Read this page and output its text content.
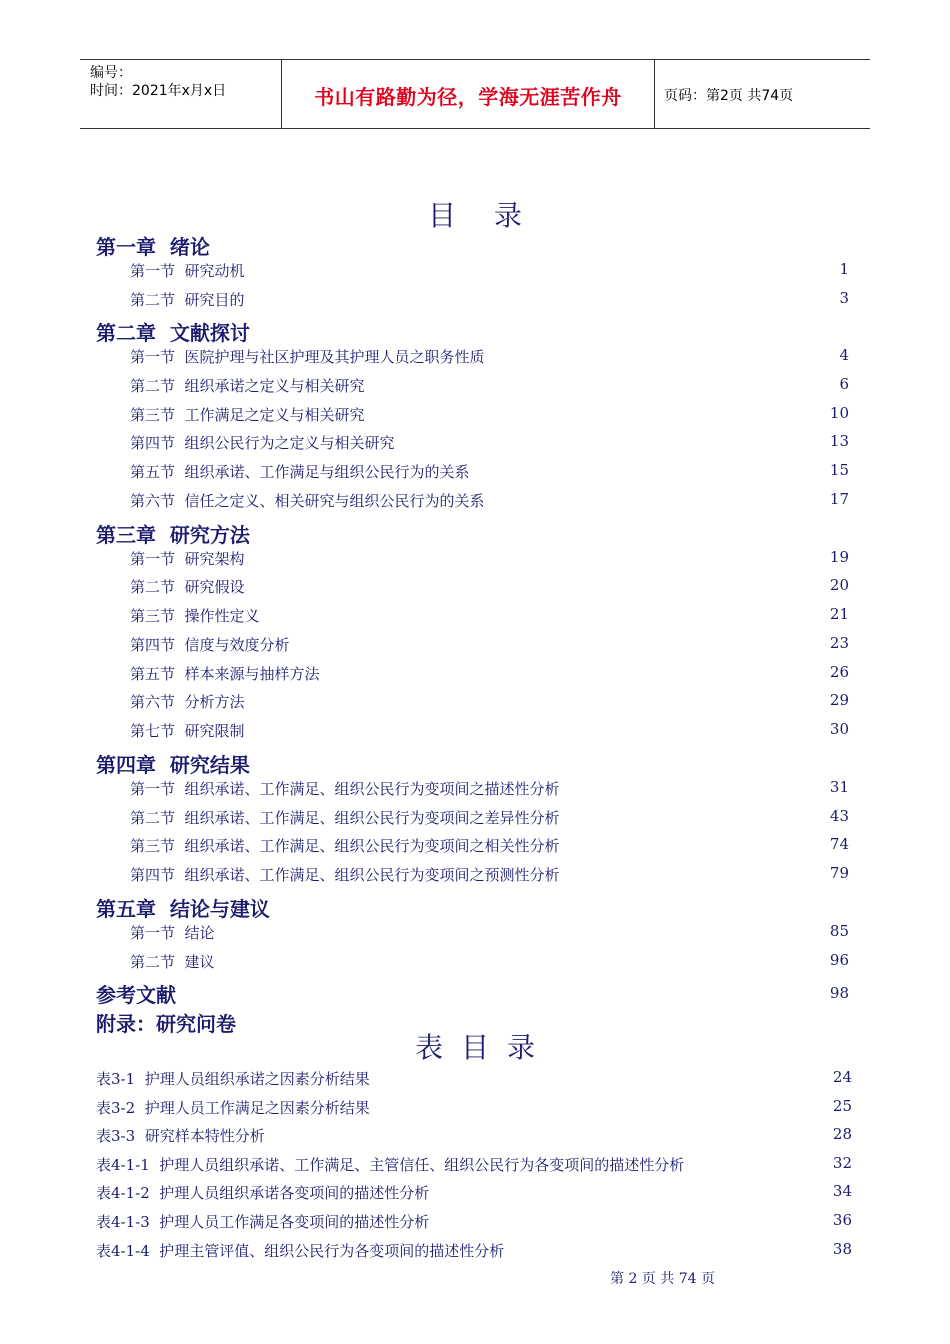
编号：
时间：2021年x月x日	书山有路勤为径，学海无涯苦作舟	页码：第2页 共74页
目录
第一章  绪论
第一节  研究动机	1
第二节  研究目的	3
第二章  文献探讨
第一节  医院护理与社区护理及其护理人员之职务性质	4
第二节  组织承诺之定义与相关研究	6
第三节  工作满足之定义与相关研究	10
第四节  组织公民行为之定义与相关研究	13
第五节  组织承诺、工作满足与组织公民行为的关系	15
第六节  信任之定义、相关研究与组织公民行为的关系	17
第三章  研究方法
第一节  研究架构	19
第二节  研究假设	20
第三节  操作性定义	21
第四节  信度与效度分析	23
第五节  样本来源与抽样方法	26
第六节  分析方法	29
第七节  研究限制	30
第四章  研究结果
第一节  组织承诺、工作满足、组织公民行为变项间之描述性分析	31
第二节  组织承诺、工作满足、组织公民行为变项间之差异性分析	43
第三节  组织承诺、工作满足、组织公民行为变项间之相关性分析	74
第四节  组织承诺、工作满足、组织公民行为变项间之预测性分析	79
第五章  结论与建议
第一节  结论	85
第二节  建议	96
参考文献	98
附录：研究问卷
表目录
表3-1  护理人员组织承诺之因素分析结果	24
表3-2  护理人员工作满足之因素分析结果	25
表3-3  研究样本特性分析	28
表4-1-1  护理人员组织承诺、工作满足、主管信任、组织公民行为各变项间的描述性分析	32
表4-1-2  护理人员组织承诺各变项间的描述性分析	34
表4-1-3  护理人员工作满足各变项间的描述性分析	36
表4-1-4  护理主管评值、组织公民行为各变项间的描述性分析	38
第 2 页 共 74 页
